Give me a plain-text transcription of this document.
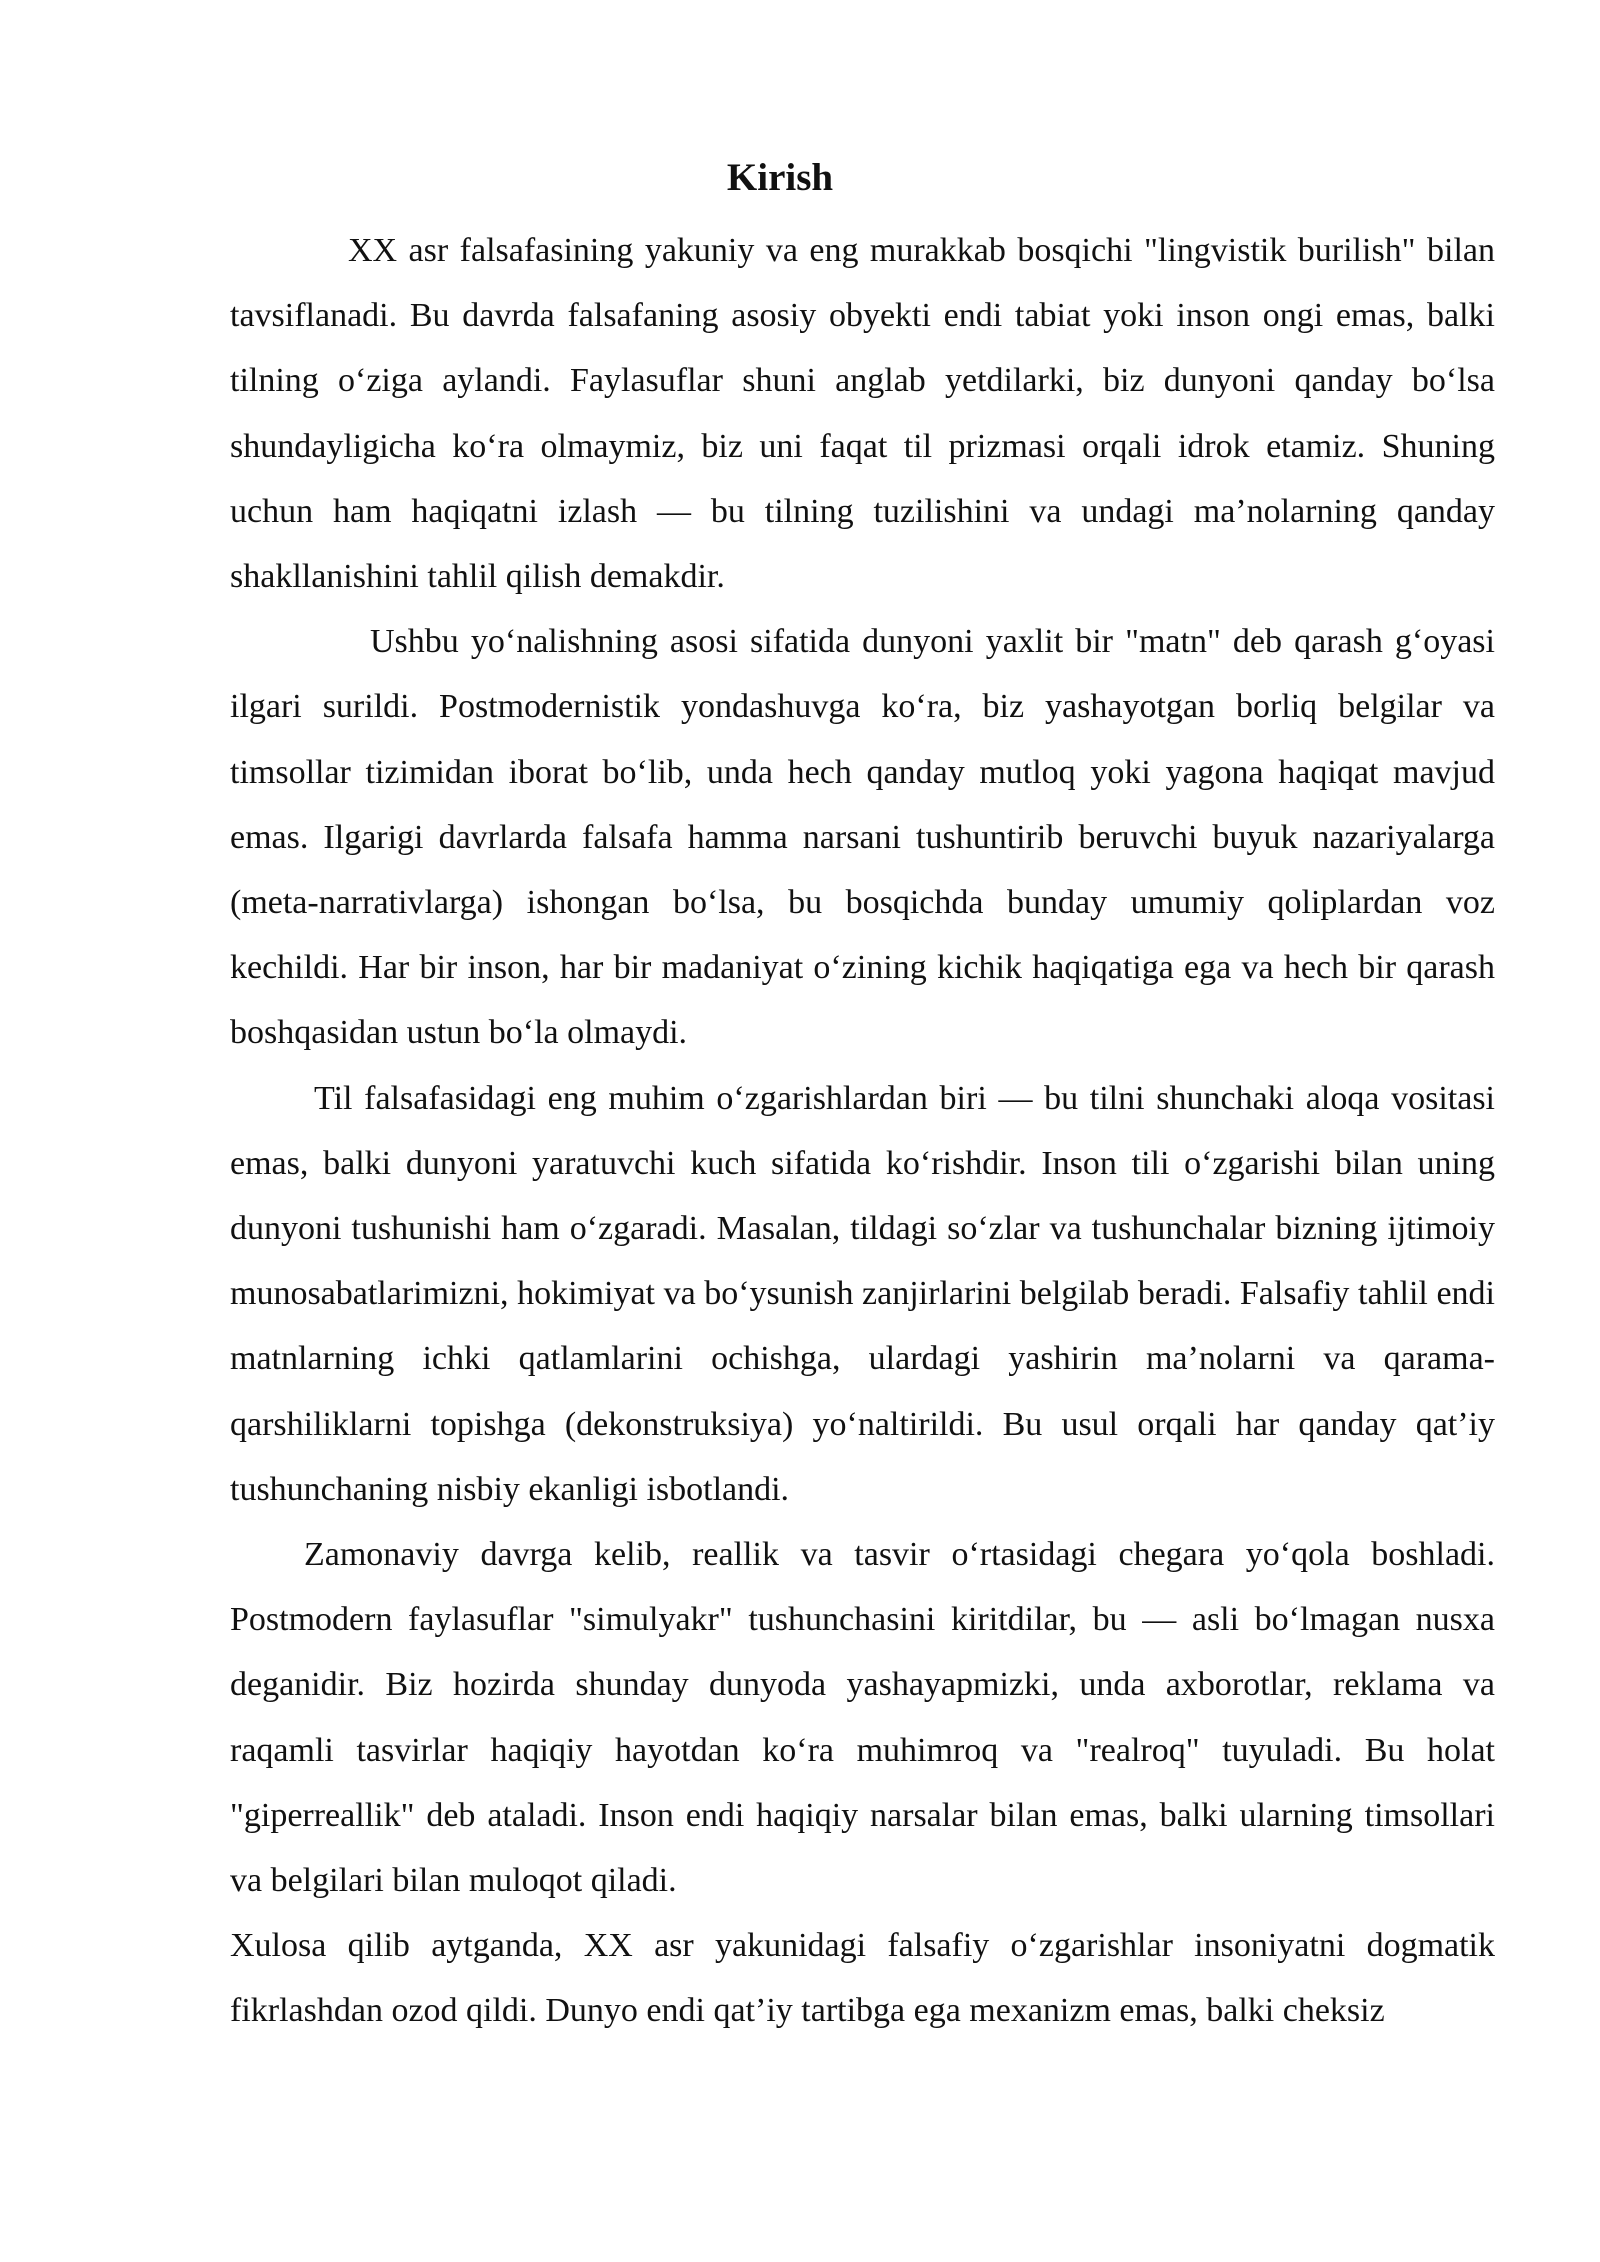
Kirish

XX asr falsafasining yakuniy va eng murakkab bosqichi "lingvistik burilish" bilan tavsiflanadi. Bu davrda falsafaning asosiy obyekti endi tabiat yoki inson ongi emas, balki tilning oʻziga aylandi. Faylasuflar shuni anglab yetdilarki, biz dunyoni qanday boʻlsa shundayligicha koʻra olmaymiz, biz uni faqat til prizmasi orqali idrok etamiz. Shuning uchun ham haqiqatni izlash — bu tilning tuzilishini va undagi ma’nolarning qanday shakllanishini tahlil qilish demakdir.

Ushbu yoʻnalishning asosi sifatida dunyoni yaxlit bir "matn" deb qarash gʻoyasi ilgari surildi. Postmodernistik yondashuvga koʻra, biz yashayotgan borliq belgilar va timsollar tizimidan iborat boʻlib, unda hech qanday mutloq yoki yagona haqiqat mavjud emas. Ilgarigi davrlarda falsafa hamma narsani tushuntirib beruvchi buyuk nazariyalarga (meta-narrativlarga) ishongan boʻlsa, bu bosqichda bunday umumiy qoliplardan voz kechildi. Har bir inson, har bir madaniyat oʻzining kichik haqiqatiga ega va hech bir qarash boshqasidan ustun boʻla olmaydi.

Til falsafasidagi eng muhim oʻzgarishlardan biri — bu tilni shunchaki aloqa vositasi emas, balki dunyoni yaratuvchi kuch sifatida koʻrishdir. Inson tili oʻzgarishi bilan uning dunyoni tushunishi ham oʻzgaradi. Masalan, tildagi soʻzlar va tushunchalar bizning ijtimoiy munosabatlarimizni, hokimiyat va boʻysunish zanjirlarini belgilab beradi. Falsafiy tahlil endi matnlarning ichki qatlamlarini ochishga, ulardagi yashirin ma’nolarni va qarama-qarshiliklarni topishga (dekonstruksiya) yoʻnaltirildi. Bu usul orqali har qanday qat’iy tushunchaning nisbiy ekanligi isbotlandi.

Zamonaviy davrga kelib, reallik va tasvir oʻrtasidagi chegara yoʻqola boshladi. Postmodern faylasuflar "simulyakr" tushunchasini kiritdilar, bu — asli boʻlmagan nusxa deganidir. Biz hozirda shunday dunyoda yashayapmizki, unda axborotlar, reklama va raqamli tasvirlar haqiqiy hayotdan koʻra muhimroq va "realroq" tuyuladi. Bu holat "giperreallik" deb ataladi. Inson endi haqiqiy narsalar bilan emas, balki ularning timsollari va belgilari bilan muloqot qiladi.

Xulosa qilib aytganda, XX asr yakunidagi falsafiy oʻzgarishlar insoniyatni dogmatik fikrlashdan ozod qildi. Dunyo endi qat’iy tartibga ega mexanizm emas, balki cheksiz
